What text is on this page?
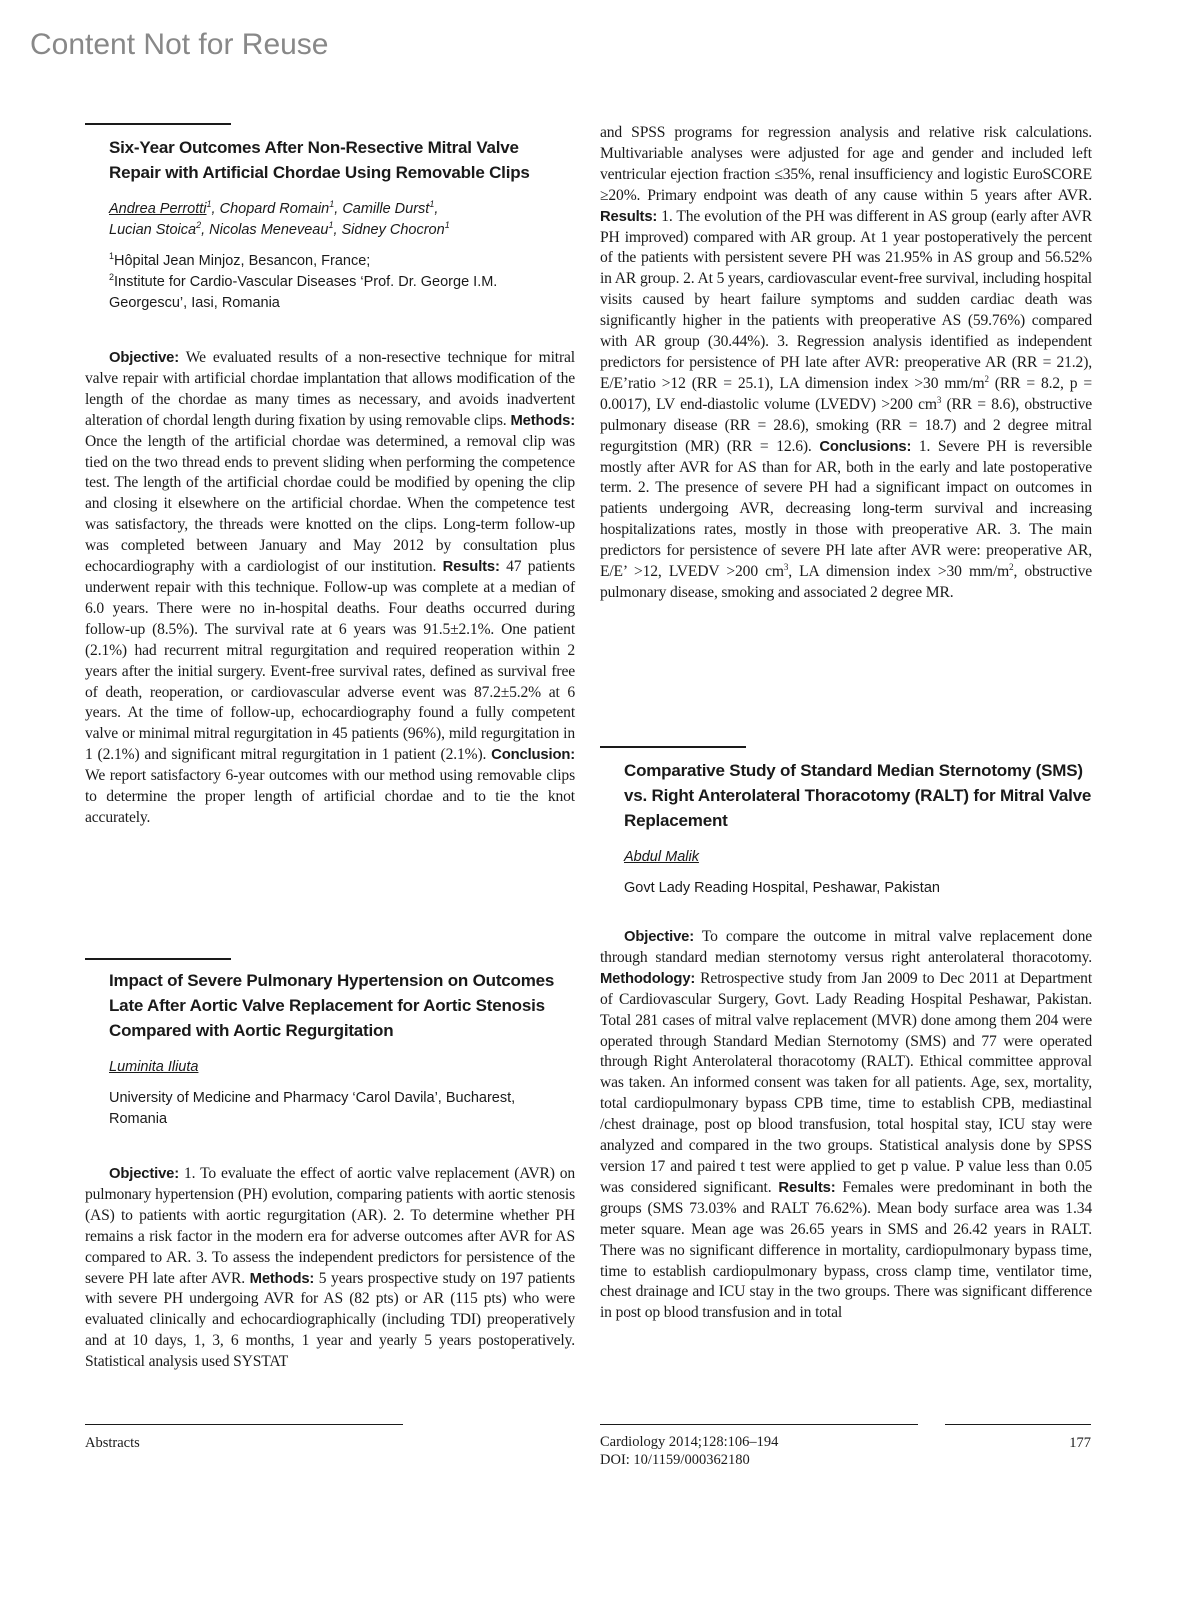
Content Not for Reuse
Six-Year Outcomes After Non-Resective Mitral Valve Repair with Artificial Chordae Using Removable Clips
Andrea Perrotti$^1$, Chopard Romain$^1$, Camille Durst$^1$,
Lucian Stoica$^2$, Nicolas Meneveau$^1$, Sidney Chocron$^1$
$^1$Hôpital Jean Minjoz, Besancon, France;
$^2$Institute for Cardio-Vascular Diseases ‘Prof. Dr. George I.M. Georgescu’, Iasi, Romania

Objective: We evaluated results of a non-resective technique for mitral valve repair with artificial chordae implantation that allows modification of the length of the chordae as many times as necessary, and avoids inadvertent alteration of chordal length during fixation by using removable clips. Methods: Once the length of the artificial chordae was determined, a removal clip was tied on the two thread ends to prevent sliding when performing the competence test. The length of the artificial chordae could be modified by opening the clip and closing it elsewhere on the artificial chordae. When the competence test was satisfactory, the threads were knotted on the clips. Long-term follow-up was completed between January and May 2012 by consultation plus echocardiography with a cardiologist of our institution. Results: 47 patients underwent repair with this technique. Follow-up was complete at a median of 6.0 years. There were no in-hospital deaths. Four deaths occurred during follow-up (8.5%). The survival rate at 6 years was 91.5±2.1%. One patient (2.1%) had recurrent mitral regurgitation and required reoperation within 2 years after the initial surgery. Event-free survival rates, defined as survival free of death, reoperation, or cardiovascular adverse event was 87.2±5.2% at 6 years. At the time of follow-up, echocardiography found a fully competent valve or minimal mitral regurgitation in 45 patients (96%), mild regurgitation in 1 (2.1%) and significant mitral regurgitation in 1 patient (2.1%). Conclusion: We report satisfactory 6-year outcomes with our method using removable clips to determine the proper length of artificial chordae and to tie the knot accurately.

Impact of Severe Pulmonary Hypertension on Outcomes Late After Aortic Valve Replacement for Aortic Stenosis Compared with Aortic Regurgitation
Luminita Iliuta
University of Medicine and Pharmacy ‘Carol Davila’, Bucharest, Romania

Objective: 1. To evaluate the effect of aortic valve replacement (AVR) on pulmonary hypertension (PH) evolution, comparing patients with aortic stenosis (AS) to patients with aortic regurgitation (AR). 2. To determine whether PH remains a risk factor in the modern era for adverse outcomes after AVR for AS compared to AR. 3. To assess the independent predictors for persistence of the severe PH late after AVR. Methods: 5 years prospective study on 197 patients with severe PH undergoing AVR for AS (82 pts) or AR (115 pts) who were evaluated clinically and echocardiographically (including TDI) preoperatively and at 10 days, 1, 3, 6 months, 1 year and yearly 5 years postoperatively. Statistical analysis used SYSTAT

and SPSS programs for regression analysis and relative risk calculations. Multivariable analyses were adjusted for age and gender and included left ventricular ejection fraction ≤35%, renal insufficiency and logistic EuroSCORE ≥20%. Primary endpoint was death of any cause within 5 years after AVR. Results: 1. The evolution of the PH was different in AS group (early after AVR PH improved) compared with AR group. At 1 year postoperatively the percent of the patients with persistent severe PH was 21.95% in AS group and 56.52% in AR group. 2. At 5 years, cardiovascular event-free survival, including hospital visits caused by heart failure symptoms and sudden cardiac death was significantly higher in the patients with preoperative AS (59.76%) compared with AR group (30.44%). 3. Regression analysis identified as independent predictors for persistence of PH late after AVR: preoperative AR (RR = 21.2), E/E’ratio >12 (RR = 25.1), LA dimension index >30 $mm/m^2$ (RR = 8.2, p = 0.0017), LV end-diastolic volume (LVEDV) >200 $cm^3$ (RR = 8.6), obstructive pulmonary disease (RR = 28.6), smoking (RR = 18.7) and 2 degree mitral regurgitstion (MR) (RR = 12.6). Conclusions: 1. Severe PH is reversible mostly after AVR for AS than for AR, both in the early and late postoperative term. 2. The presence of severe PH had a significant impact on outcomes in patients undergoing AVR, decreasing long-term survival and increasing hospitalizations rates, mostly in those with preoperative AR. 3. The main predictors for persistence of severe PH late after AVR were: preoperative AR, E/E’ >12, LVEDV >200 $cm^3$, LA dimension index >30 $mm/m^2$, obstructive pulmonary disease, smoking and associated 2 degree MR.

Comparative Study of Standard Median Sternotomy (SMS) vs. Right Anterolateral Thoracotomy (RALT) for Mitral Valve Replacement
Abdul Malik
Govt Lady Reading Hospital, Peshawar, Pakistan

Objective: To compare the outcome in mitral valve replacement done through standard median sternotomy versus right anterolateral thoracotomy. Methodology: Retrospective study from Jan 2009 to Dec 2011 at Department of Cardiovascular Surgery, Govt. Lady Reading Hospital Peshawar, Pakistan. Total 281 cases of mitral valve replacement (MVR) done among them 204 were operated through Standard Median Sternotomy (SMS) and 77 were operated through Right Anterolateral thoracotomy (RALT). Ethical committee approval was taken. An informed consent was taken for all patients. Age, sex, mortality, total cardiopulmonary bypass CPB time, time to establish CPB, mediastinal /chest drainage, post op blood transfusion, total hospital stay, ICU stay were analyzed and compared in the two groups. Statistical analysis done by SPSS version 17 and paired t test were applied to get p value. P value less than 0.05 was considered significant. Results: Females were predominant in both the groups (SMS 73.03% and RALT 76.62%). Mean body surface area was 1.34 meter square. Mean age was 26.65 years in SMS and 26.42 years in RALT. There was no significant difference in mortality, cardiopulmonary bypass time, time to establish cardiopulmonary bypass, cross clamp time, ventilator time, chest drainage and ICU stay in the two groups. There was significant difference in post op blood transfusion and in total

Abstracts	Cardiology 2014;128:106–194
DOI: 10/1159/000362180
177
